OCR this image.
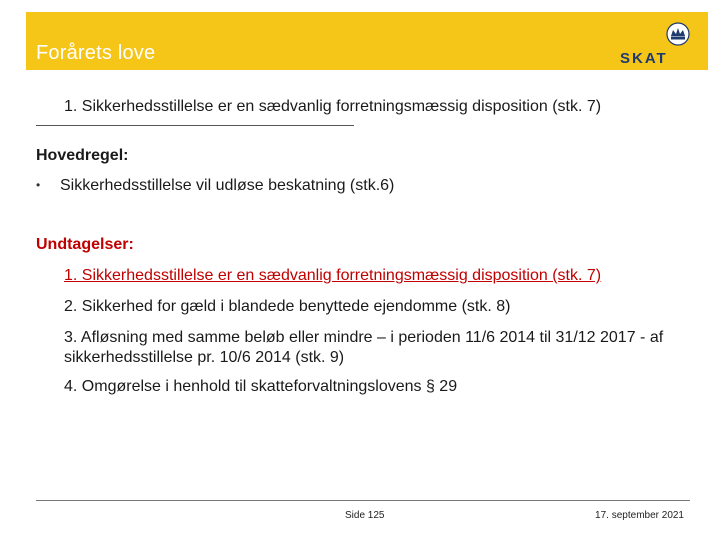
Forårets love	SKAT
1. Sikkerhedsstillelse er en sædvanlig forretningsmæssig disposition (stk. 7)
Hovedregel:
• Sikkerhedsstillelse vil udløse beskatning (stk.6)
Undtagelser:
1. Sikkerhedsstillelse er en sædvanlig forretningsmæssig disposition (stk. 7)
2. Sikkerhed for gæld i blandede benyttede ejendomme (stk. 8)
3. Afløsning med samme beløb eller mindre – i perioden 11/6 2014 til 31/12 2017 - af sikkerhedsstillelse pr. 10/6 2014 (stk. 9)
4. Omgørelse i henhold til skatteforvaltningslovens § 29
Side 125	17. september 2021
